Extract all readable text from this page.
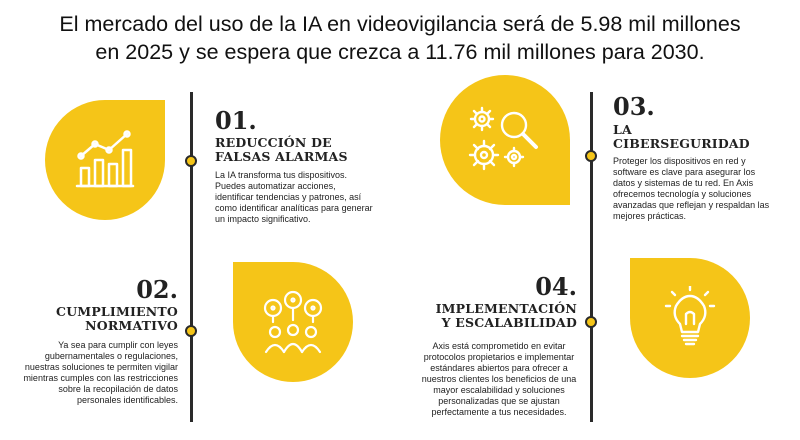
El mercado del uso de la IA en videovigilancia será de 5.98 mil millones
en 2025 y se espera que crezca a 11.76 mil millones para 2030.
01.
REDUCCIÓN DE
FALSAS ALARMAS
La IA transforma tus dispositivos. Puedes automatizar acciones, identificar tendencias y patrones, así como identificar analíticas para generar un impacto significativo.
02.
CUMPLIMIENTO
NORMATIVO
Ya sea para cumplir con leyes gubernamentales o regulaciones, nuestras soluciones te permiten vigilar mientras cumples con las restricciones sobre la recopilación de datos personales identificables.
03.
LA
CIBERSEGURIDAD
Proteger los dispositivos en red y software es clave para asegurar los datos y sistemas de tu red. En Axis ofrecemos tecnología y soluciones avanzadas que reflejan y respaldan las mejores prácticas.
04.
IMPLEMENTACIÓN
Y ESCALABILIDAD
Axis está comprometido en evitar protocolos propietarios e implementar estándares abiertos para ofrecer a nuestros clientes los beneficios de una mayor escalabilidad y soluciones personalizadas que se ajustan perfectamente a tus necesidades.
